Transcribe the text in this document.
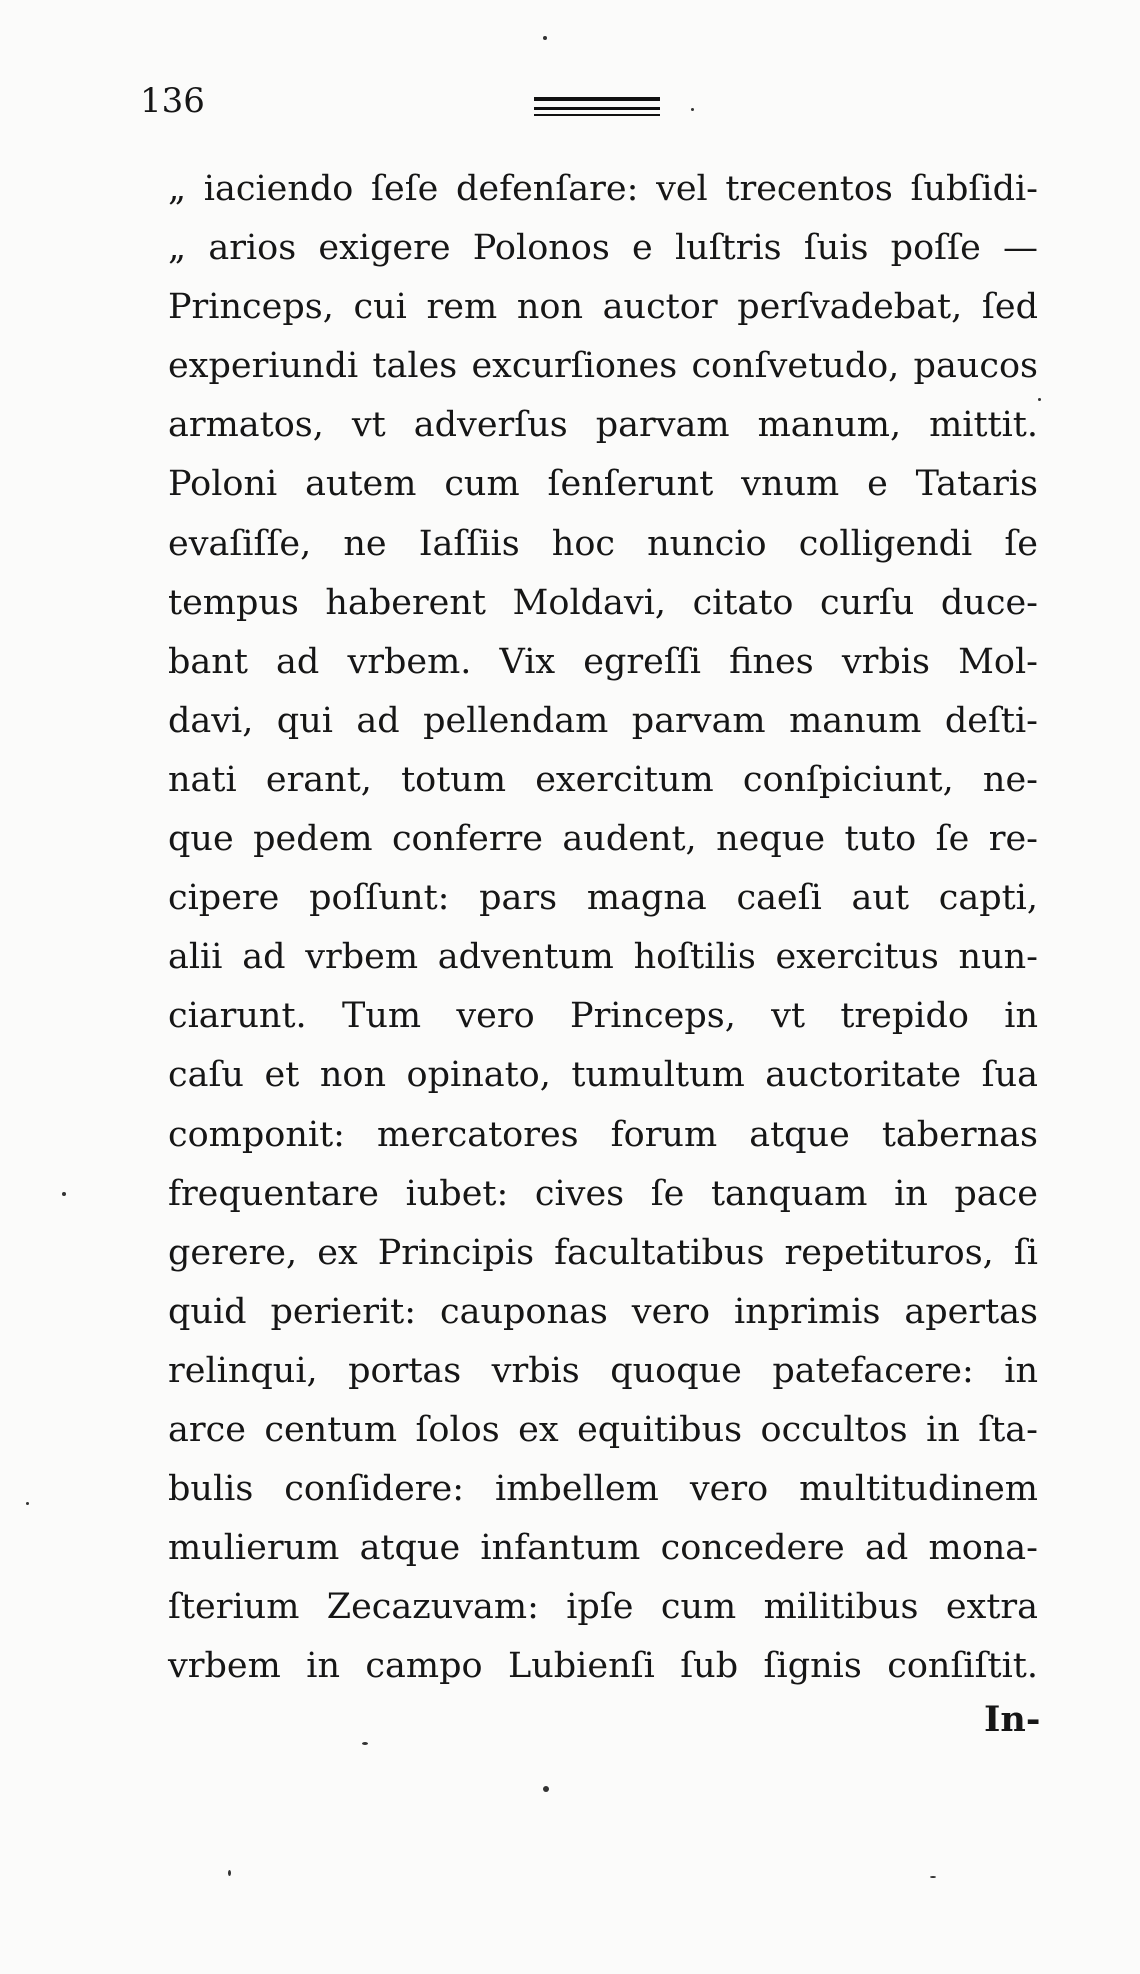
136
„ iaciendo ſeſe defenſare: vel trecentos ſubſidi-
„ arios exigere Polonos e luſtris ſuis poſſe —
Princeps, cui rem non auctor perſvadebat, ſed
experiundi tales excurſiones conſvetudo, paucos
armatos, vt adverſus parvam manum, mittit.
Poloni autem cum ſenſerunt vnum e Tataris
evaſiſſe, ne Iaſſiis hoc nuncio colligendi ſe
tempus haberent Moldavi, citato curſu duce-
bant ad vrbem. Vix egreſſi fines vrbis Mol-
davi, qui ad pellendam parvam manum deſti-
nati erant, totum exercitum conſpiciunt, ne-
que pedem conferre audent, neque tuto ſe re-
cipere poſſunt: pars magna caeſi aut capti,
alii ad vrbem adventum hoſtilis exercitus nun-
ciarunt. Tum vero Princeps, vt trepido in
caſu et non opinato, tumultum auctoritate ſua
componit: mercatores forum atque tabernas
frequentare iubet: cives ſe tanquam in pace
gerere, ex Principis facultatibus repetituros, ſi
quid perierit: cauponas vero inprimis apertas
relinqui, portas vrbis quoque patefacere: in
arce centum ſolos ex equitibus occultos in ſta-
bulis conſidere: imbellem vero multitudinem
mulierum atque infantum concedere ad mona-
ſterium Zecazuvam: ipſe cum militibus extra
vrbem in campo Lubienſi ſub ſignis conſiſtit.
In-
